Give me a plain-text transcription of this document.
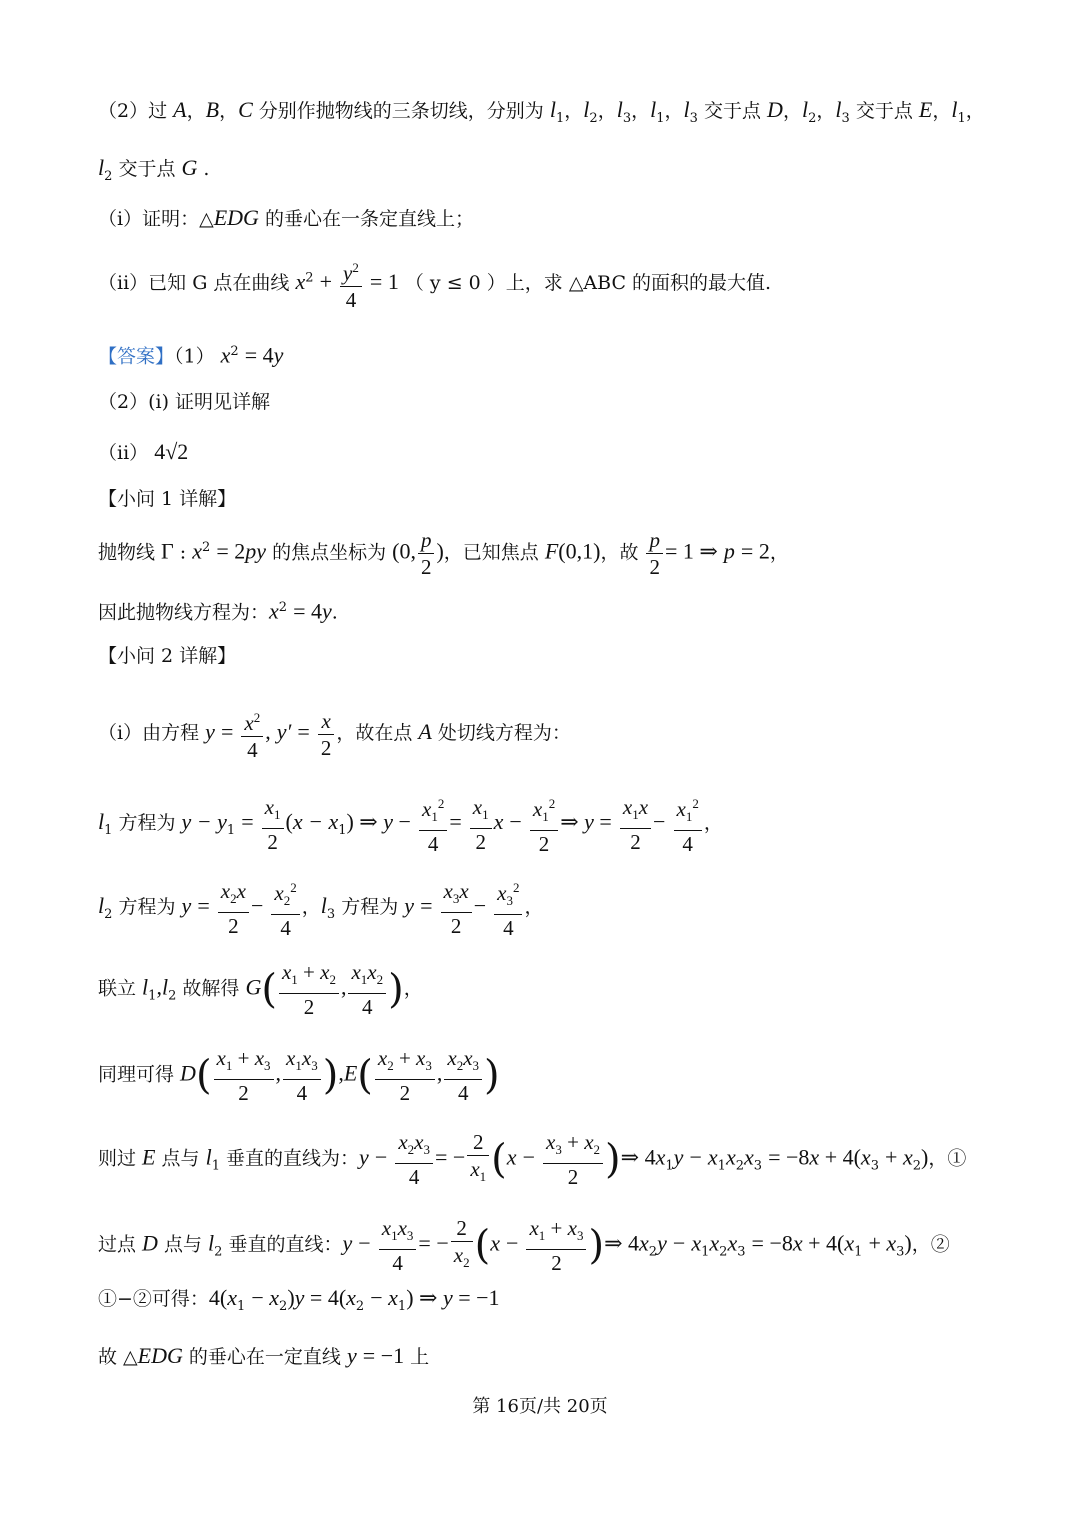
（2）过 A，B，C 分别作抛物线的三条切线，分别为 $l_1$，$l_2$，$l_3$，$l_1$，$l_3$ 交于点 D，$l_2$，$l_3$ 交于点 E，$l_1$，
$l_2$ 交于点 G .
（i）证明：△EDG 的垂心在一条定直线上；
（ii）已知 G 点在曲线 $x^2 + \frac{y^2}{4} = 1$ （ y ≤ 0 ）上，求 △ABC 的面积的最大值.
【答案】（1） $x^2 = 4y$
（2）(i) 证明见详解
（ii） 4√2
【小问 1 详解】
抛物线 Γ : $x^2 = 2py$ 的焦点坐标为 (0, $\frac{p}{2}$ )，已知焦点 F(0,1)，故 $\frac{p}{2} = 1$ ⇒ p = 2，
因此抛物线方程为：$x^2 = 4y$.
【小问 2 详解】
（i）由方程 $y = \frac{x^2}{4}$ , $y' = \frac{x}{2}$ ，故在点 A 处切线方程为：
$l_1$ 方程为 $y - y_1 = \frac{x_1}{2} (x - x_1)$ ⇒ $y - \frac{x_1^2}{4} = \frac{x_1}{2}$ $x - \frac{x_1^2}{2}$ ⇒ $y = \frac{x_1x}{2} - \frac{x_1^2}{4}$ ，
$l_2$ 方程为 $y = \frac{x_2x}{2} - \frac{x_2^2}{4}$ ，$l_3$ 方程为 $y = \frac{x_3x}{2} - \frac{x_3^2}{4}$ ，
联立 $l_1,l_2$ 故解得 $G( \frac{x_1 + x_2}{2}$ , $\frac{x_1x_2}{4}$ )，
同理可得 $D( \frac{x_1 + x_3}{2}$ , $\frac{x_1x_3}{4} ),E( \frac{x_2 + x_3}{2}$ , $\frac{x_2x_3}{4}$ )
则过 E 点与 $l_1$ 垂直的直线为：$y - \frac{x_2x_3}{4}$ = − $\frac{2}{x_1} (x - \frac{x_3 + x_2}{2}$ )⇒ $4x_1y - x_1x_2x_3 = -8x + 4(x_3 + x_2)$，①
过点 D 点与 $l_2$ 垂直的直线：$y - \frac{x_1x_3}{4}$ = − $\frac{2}{x_2} (x - \frac{x_1 + x_3}{2}$ )⇒ $4x_2y - x_1x_2x_3 = -8x + 4(x_1 + x_3)$，②
①−②可得：$4(x_1 - x_2)y = 4(x_2 - x_1)$ ⇒ y = −1
故 △EDG 的垂心在一定直线 y = −1 上
第 16页/共 20页
